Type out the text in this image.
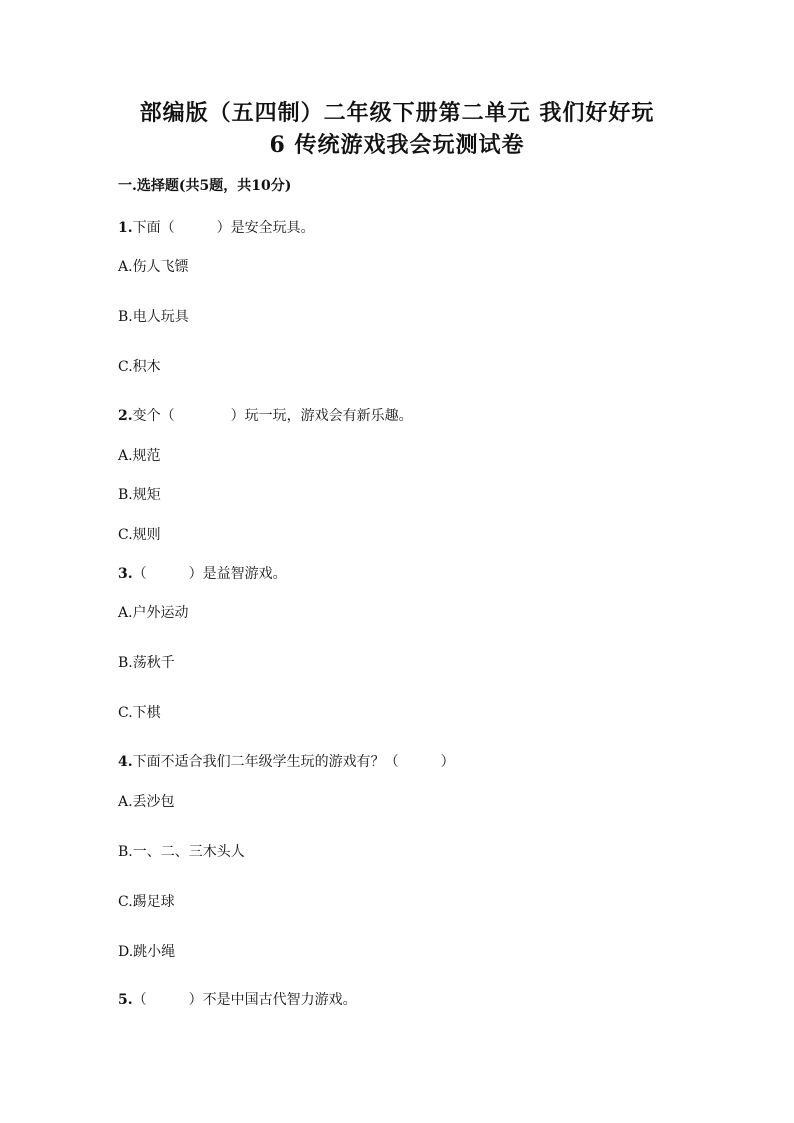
部编版（五四制）二年级下册第二单元 我们好好玩
6 传统游戏我会玩测试卷
一.选择题(共5题，共10分)
1.下面（　　　）是安全玩具。
A.伤人飞镖
B.电人玩具
C.积木
2.变个（　　　　）玩一玩，游戏会有新乐趣。
A.规范
B.规矩
C.规则
3.（　　　）是益智游戏。
A.户外运动
B.荡秋千
C.下棋
4.下面不适合我们二年级学生玩的游戏有？（　　　）
A.丢沙包
B.一、二、三木头人
C.踢足球
D.跳小绳
5.（　　　）不是中国古代智力游戏。
